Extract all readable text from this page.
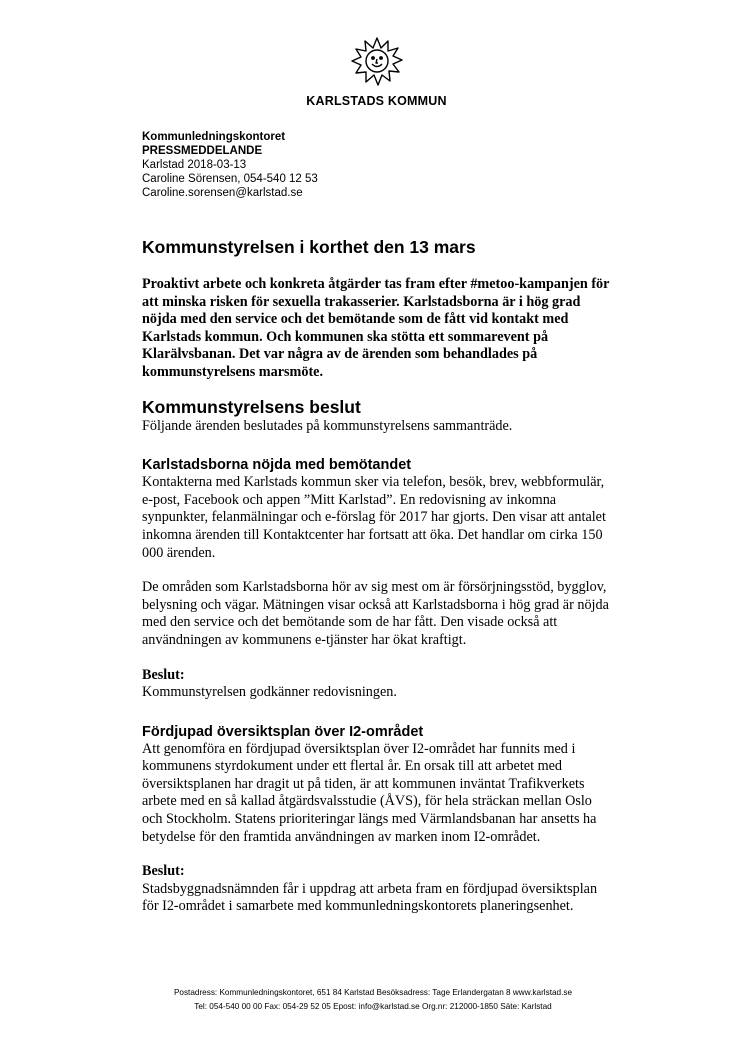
KARLSTADS KOMMUN
Kommunledningskontoret
PRESSMEDDELANDE
Karlstad 2018-03-13
Caroline Sörensen, 054-540 12 53
Caroline.sorensen@karlstad.se
Kommunstyrelsen i korthet den 13 mars

Proaktivt arbete och konkreta åtgärder tas fram efter #metoo-kampanjen för att minska risken för sexuella trakasserier. Karlstadsborna är i hög grad nöjda med den service och det bemötande som de fått vid kontakt med Karlstads kommun. Och kommunen ska stötta ett sommarevent på Klarälvsbanan. Det var några av de ärenden som behandlades på kommunstyrelsens marsmöte.

Kommunstyrelsens beslut

Följande ärenden beslutades på kommunstyrelsens sammanträde.

Karlstadsborna nöjda med bemötandet

Kontakterna med Karlstads kommun sker via telefon, besök, brev, webbformulär, e-post, Facebook och appen ”Mitt Karlstad”. En redovisning av inkomna synpunkter, felanmälningar och e-förslag för 2017 har gjorts. Den visar att antalet inkomna ärenden till Kontaktcenter har fortsatt att öka. Det handlar om cirka 150 000 ärenden.

De områden som Karlstadsborna hör av sig mest om är försörjningsstöd, bygglov, belysning och vägar. Mätningen visar också att Karlstadsborna i hög grad är nöjda med den service och det bemötande som de har fått. Den visade också att användningen av kommunens e-tjänster har ökat kraftigt.

Beslut:

Kommunstyrelsen godkänner redovisningen.

Fördjupad översiktsplan över I2-området

Att genomföra en fördjupad översiktsplan över I2-området har funnits med i kommunens styrdokument under ett flertal år. En orsak till att arbetet med översiktsplanen har dragit ut på tiden, är att kommunen inväntat Trafikverkets arbete med en så kallad åtgärdsvalsstudie (ÅVS), för hela sträckan mellan Oslo och Stockholm. Statens prioriteringar längs med Värmlandsbanan har ansetts ha betydelse för den framtida användningen av marken inom I2-området.

Beslut:

Stadsbyggnadsnämnden får i uppdrag att arbeta fram en fördjupad översiktsplan för I2-området i samarbete med kommunledningskontorets planeringsenhet.

Postadress: Kommunledningskontoret, 651 84 Karlstad Besöksadress: Tage Erlandergatan 8 www.karlstad.se
Tel: 054-540 00 00 Fax: 054-29 52 05 Epost: info@karlstad.se Org.nr: 212000-1850 Säte: Karlstad
